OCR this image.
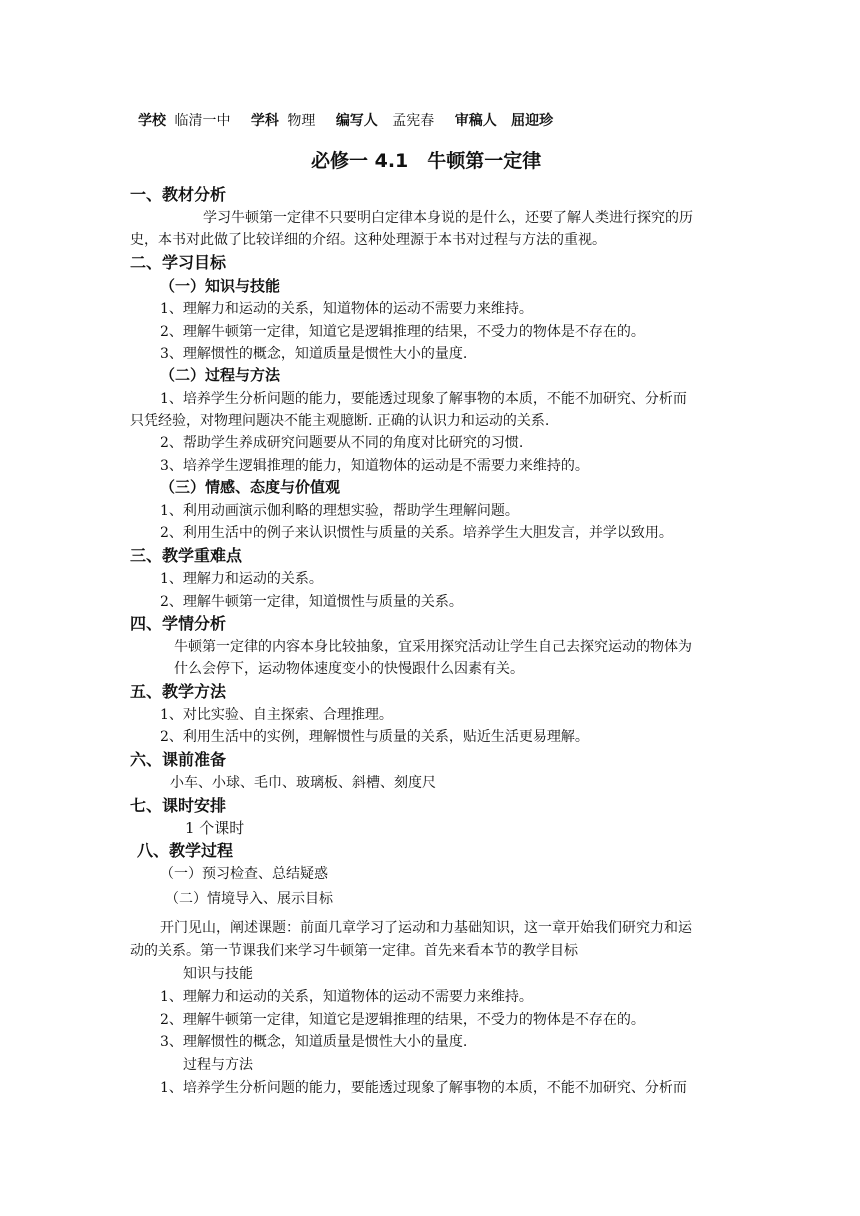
学校 临清一中 学科 物理 编写人 孟宪春 审稿人 屈迎珍
必修一 4.1　牛顿第一定律
一、教材分析
学习牛顿第一定律不只要明白定律本身说的是什么，还要了解人类进行探究的历
史，本书对此做了比较详细的介绍。这种处理源于本书对过程与方法的重视。
二、学习目标
（一）知识与技能
1、理解力和运动的关系，知道物体的运动不需要力来维持。
2、理解牛顿第一定律，知道它是逻辑推理的结果，不受力的物体是不存在的。
3、理解惯性的概念，知道质量是惯性大小的量度.
（二）过程与方法
1、培养学生分析问题的能力，要能透过现象了解事物的本质，不能不加研究、分析而
只凭经验，对物理问题决不能主观臆断. 正确的认识力和运动的关系.
2、帮助学生养成研究问题要从不同的角度对比研究的习惯.
3、培养学生逻辑推理的能力，知道物体的运动是不需要力来维持的。
（三）情感、态度与价值观
1、利用动画演示伽利略的理想实验，帮助学生理解问题。
2、利用生活中的例子来认识惯性与质量的关系。培养学生大胆发言，并学以致用。
三、教学重难点
1、理解力和运动的关系。
2、理解牛顿第一定律，知道惯性与质量的关系。
四、学情分析
牛顿第一定律的内容本身比较抽象，宜采用探究活动让学生自己去探究运动的物体为
什么会停下，运动物体速度变小的快慢跟什么因素有关。
五、教学方法
1、对比实验、自主探索、合理推理。
2、利用生活中的实例，理解惯性与质量的关系，贴近生活更易理解。
六、课前准备
小车、小球、毛巾、玻璃板、斜槽、刻度尺
七、课时安排
1 个课时
八、教学过程
（一）预习检查、总结疑惑
（二）情境导入、展示目标
开门见山，阐述课题：前面几章学习了运动和力基础知识，这一章开始我们研究力和运
动的关系。第一节课我们来学习牛顿第一定律。首先来看本节的教学目标
知识与技能
1、理解力和运动的关系，知道物体的运动不需要力来维持。
2、理解牛顿第一定律，知道它是逻辑推理的结果，不受力的物体是不存在的。
3、理解惯性的概念，知道质量是惯性大小的量度.
过程与方法
1、培养学生分析问题的能力，要能透过现象了解事物的本质，不能不加研究、分析而
